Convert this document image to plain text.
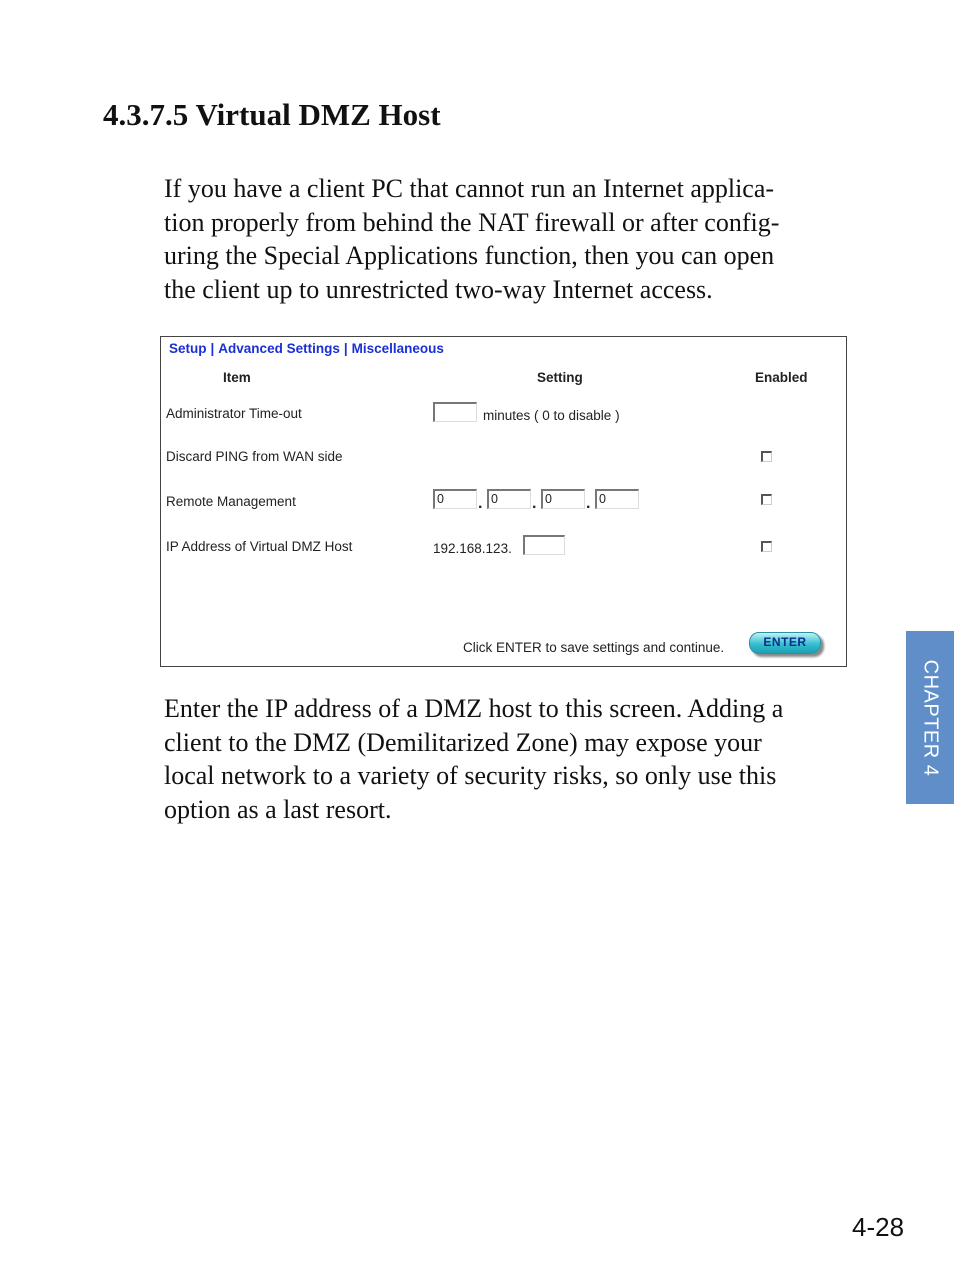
4.3.7.5 Virtual DMZ Host

If you have a client PC that cannot run an Internet applica-
tion properly from behind the NAT firewall or after config-
uring the Special Applications function, then you can open
the client up to unrestricted two-way Internet access.

Setup | Advanced Settings | Miscellaneous
Item	Setting	Enabled
Administrator Time-out	minutes ( 0 to disable )
Discard PING from WAN side
Remote Management	0	. 0	. 0	. 0
IP Address of Virtual DMZ Host	192.168.123.
Click ENTER to save settings and continue.	ENTER

Enter the IP address of a DMZ host to this screen. Adding a
client to the DMZ (Demilitarized Zone) may expose your
local network to a variety of security risks, so only use this
option as a last resort.

CHAPTER 4
4-28
